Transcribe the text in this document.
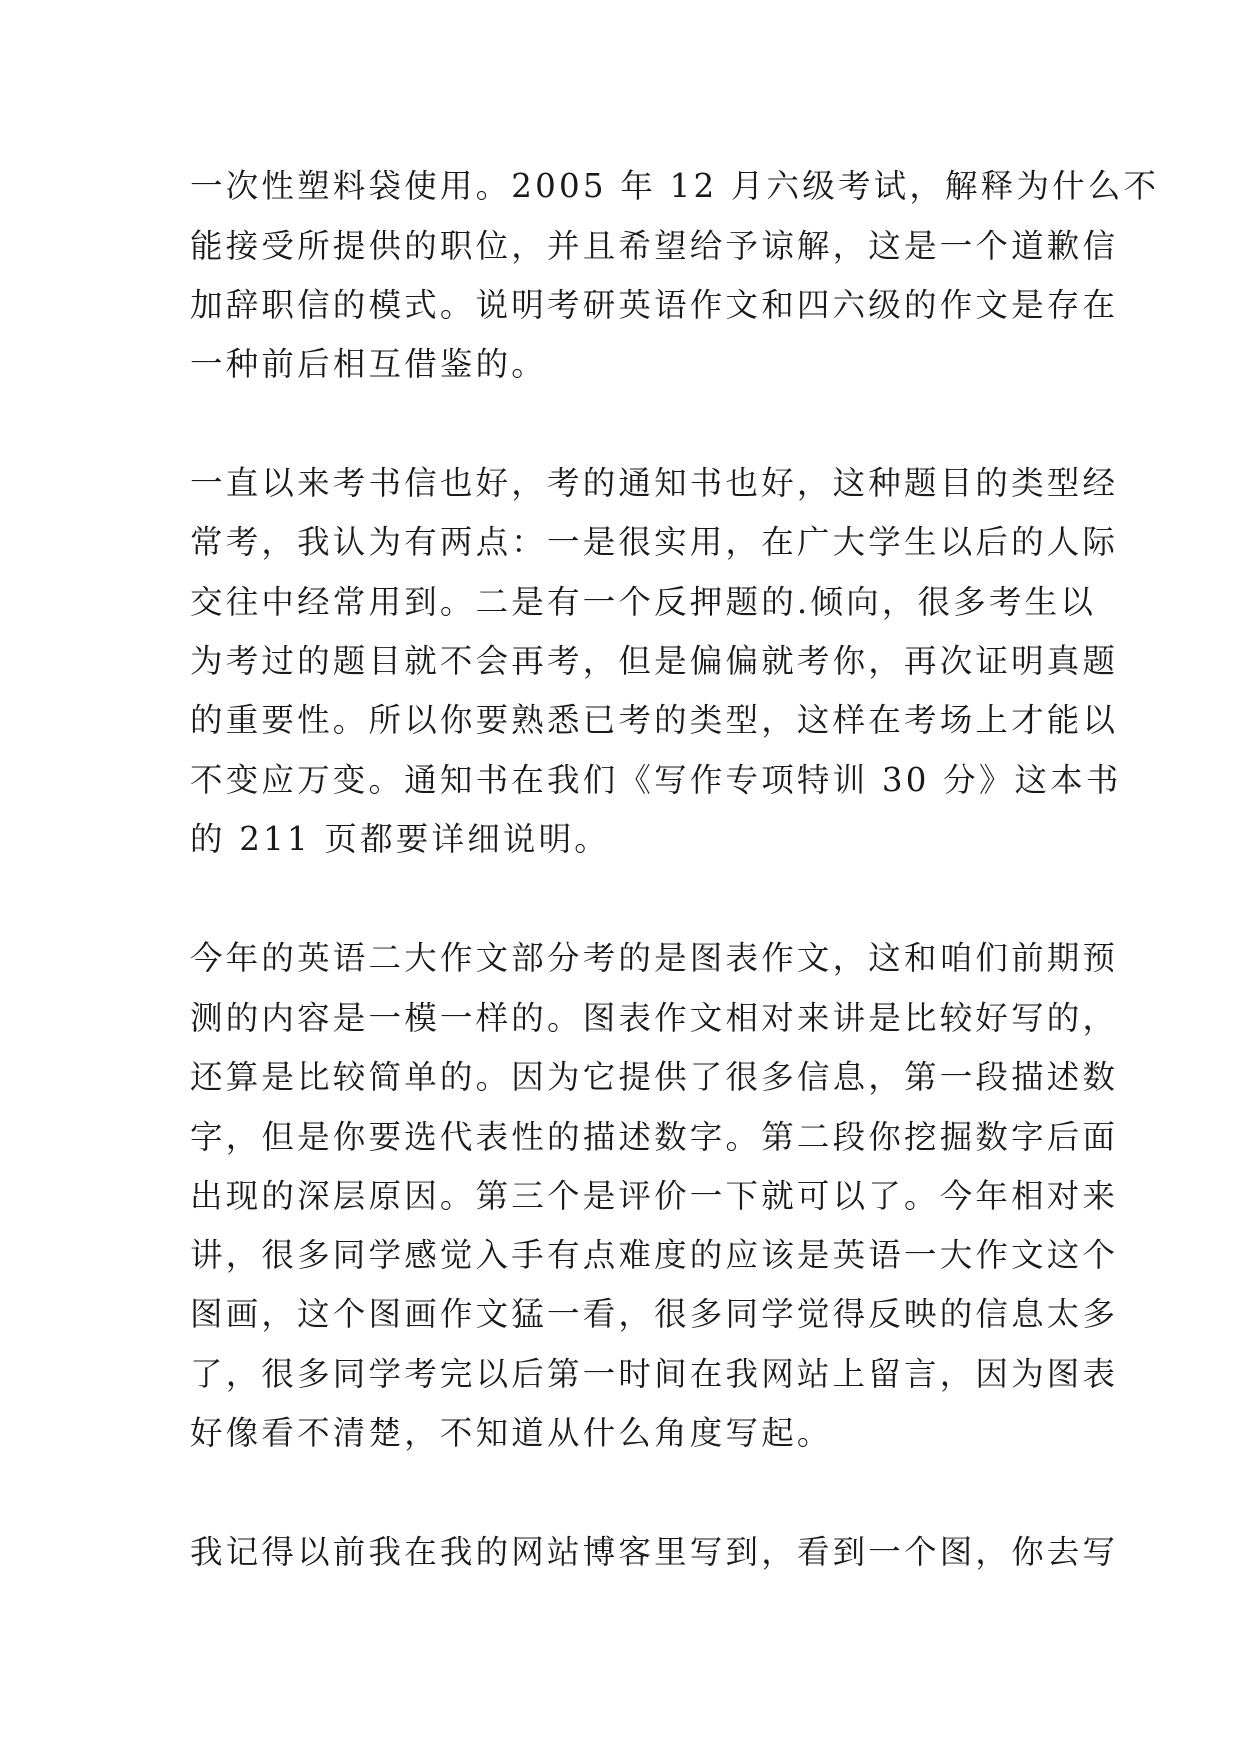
一次性塑料袋使用。2005 年 12 月六级考试，解释为什么不
能接受所提供的职位，并且希望给予谅解，这是一个道歉信
加辞职信的模式。说明考研英语作文和四六级的作文是存在
一种前后相互借鉴的。
一直以来考书信也好，考的通知书也好，这种题目的类型经
常考，我认为有两点：一是很实用，在广大学生以后的人际
交往中经常用到。二是有一个反押题的.倾向，很多考生以
为考过的题目就不会再考，但是偏偏就考你，再次证明真题
的重要性。所以你要熟悉已考的类型，这样在考场上才能以
不变应万变。通知书在我们《写作专项特训 30 分》这本书
的 211 页都要详细说明。
今年的英语二大作文部分考的是图表作文，这和咱们前期预
测的内容是一模一样的。图表作文相对来讲是比较好写的，
还算是比较简单的。因为它提供了很多信息，第一段描述数
字，但是你要选代表性的描述数字。第二段你挖掘数字后面
出现的深层原因。第三个是评价一下就可以了。今年相对来
讲，很多同学感觉入手有点难度的应该是英语一大作文这个
图画，这个图画作文猛一看，很多同学觉得反映的信息太多
了，很多同学考完以后第一时间在我网站上留言，因为图表
好像看不清楚，不知道从什么角度写起。
我记得以前我在我的网站博客里写到，看到一个图，你去写
